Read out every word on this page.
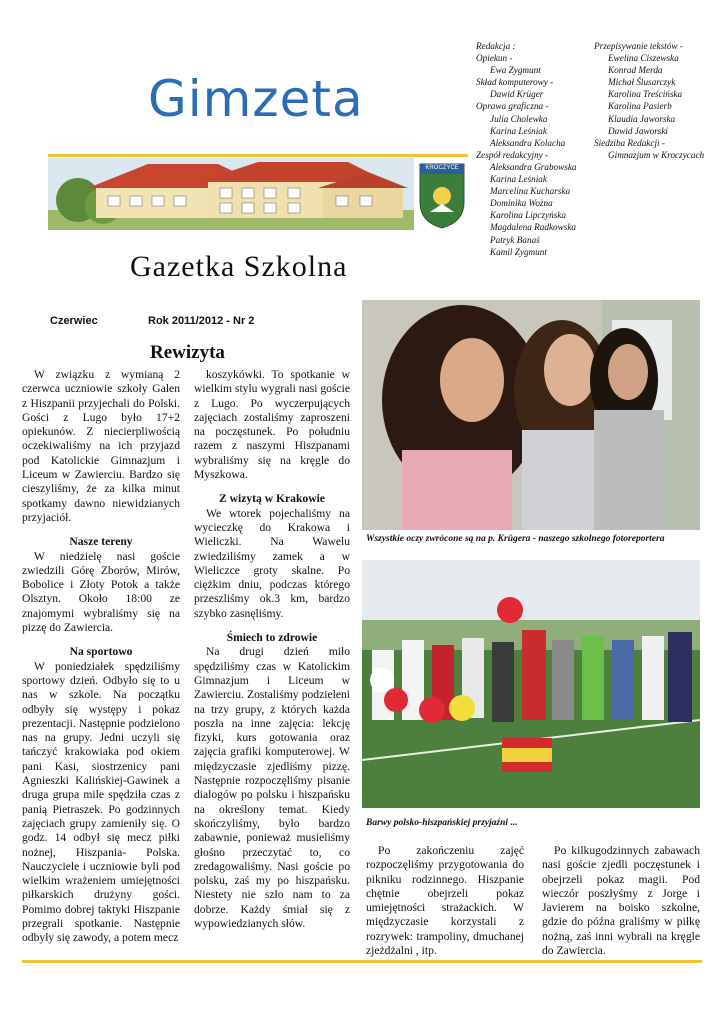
Gimzeta
KROCZYCE
Gazetka Szkolna
Redakcja :
Opiekun -
Ewa Zygmunt
Skład komputerowy -
Dawid Krüger
Oprawa graficzna -
Julia Cholewka
Karina Leśniak
Aleksandra Kolacha
Zespół redakcyjny -
Aleksandra Grabowska
Karina Leśniak
Marcelina Kucharska
Dominika Wożna
Karolina Lipczyńska
Magdalena Radkowska
Patryk Banaś
Kamil Zygmunt
Przepisywanie tekstów -
Ewelina Ciszewska
Konrad Merda
Michał Ślusarczyk
Karolina Treścińska
Karolina Pasierb
Klaudia Jaworska
Dawid Jaworski
Siedziba Redakcji -
Gimnazjum w Kroczycach
Czerwiec	Rok 2011/2012 - Nr 2
Rewizyta

W związku z wymianą 2 czerwca uczniowie szkoły Galen z Hiszpanii przyjechali do Polski. Gości z Lugo było 17+2 opiekunów. Z niecierpliwością oczekiwaliśmy na ich przyjazd pod Katolickie Gimnazjum i Liceum w Zawierciu. Bardzo się cieszyliśmy, że za kilka minut spotkamy dawno niewidzianych przyjaciół.

Nasze tereny

W niedzielę nasi goście zwiedzili Górę Zborów, Mirów, Bobolice i Złoty Potok a także Olsztyn. Około 18:00 ze znajomymi wybraliśmy się na pizzę do Zawiercia.

Na sportowo

W poniedziałek spędziliśmy sportowy dzień. Odbyło się to u nas w szkole. Na początku odbyły się występy i pokaz prezentacji. Następnie podzielono nas na grupy. Jedni uczyli się tańczyć krakowiaka pod okiem pani Kasi, siostrzenicy pani Agnieszki Kalińskiej-Gawinek a druga grupa mile spędziła czas z panią Pietraszek. Po godzinnych zajęciach grupy zamieniły się. O godz. 14 odbył się mecz piłki nożnej, Hiszpania- Polska. Nauczyciele i uczniowie byli pod wielkim wrażeniem umiejętności piłkarskich drużyny gości. Pomimo dobrej taktyki Hiszpanie przegrali spotkanie. Następnie odbyły się zawody, a potem mecz

koszykówki. To spotkanie w wielkim stylu wygrali nasi goście z Lugo. Po wyczerpujących zajęciach zostaliśmy zaproszeni na poczęstunek. Po południu razem z naszymi Hiszpanami wybraliśmy się na kręgle do Myszkowa.

Z wizytą w Krakowie

We wtorek pojechaliśmy na wycieczkę do Krakowa i Wieliczki. Na Wawelu zwiedziliśmy zamek a w Wieliczce groty skalne. Po ciężkim dniu, podczas którego przeszliśmy ok.3 km, bardzo szybko zasnęliśmy.

Śmiech to zdrowie

Na drugi dzień miło spędziliśmy czas w Katolickim Gimnazjum i Liceum w Zawierciu. Zostaliśmy podzieleni na trzy grupy, z których każda poszła na inne zajęcia: lekcję fizyki, kurs gotowania oraz zajęcia grafiki komputerowej. W międzyczasie zjedliśmy pizzę. Następnie rozpoczęliśmy pisanie dialogów po polsku i hiszpańsku na określony temat. Kiedy skończyliśmy, było bardzo zabawnie, ponieważ musieliśmy głośno przeczytać to, co zredagowaliśmy. Nasi goście po polsku, zaś my po hiszpańsku. Niestety nie szło nam to za dobrze. Każdy śmiał się z wypowiedzianych słów.

Wszystkie oczy zwrócone są na p. Krügera - naszego szkolnego fotoreportera
Barwy polsko-hiszpańskiej przyjaźni ...

Po zakończeniu zajęć rozpoczęliśmy przygotowania do pikniku rodzinnego. Hiszpanie chętnie obejrzeli pokaz umiejętności strażackich. W międzyczasie korzystali z rozrywek: trampoliny, dmuchanej zjeżdżalni , itp.

Po kilkugodzinnych zabawach nasi goście zjedli poczęstunek i obejrzeli pokaz magii. Pod wieczór poszłyśmy z Jorge i Javierem na boisko szkolne, gdzie do późna graliśmy w piłkę nożną, zaś inni wybrali na kręgle do Zawiercia.
